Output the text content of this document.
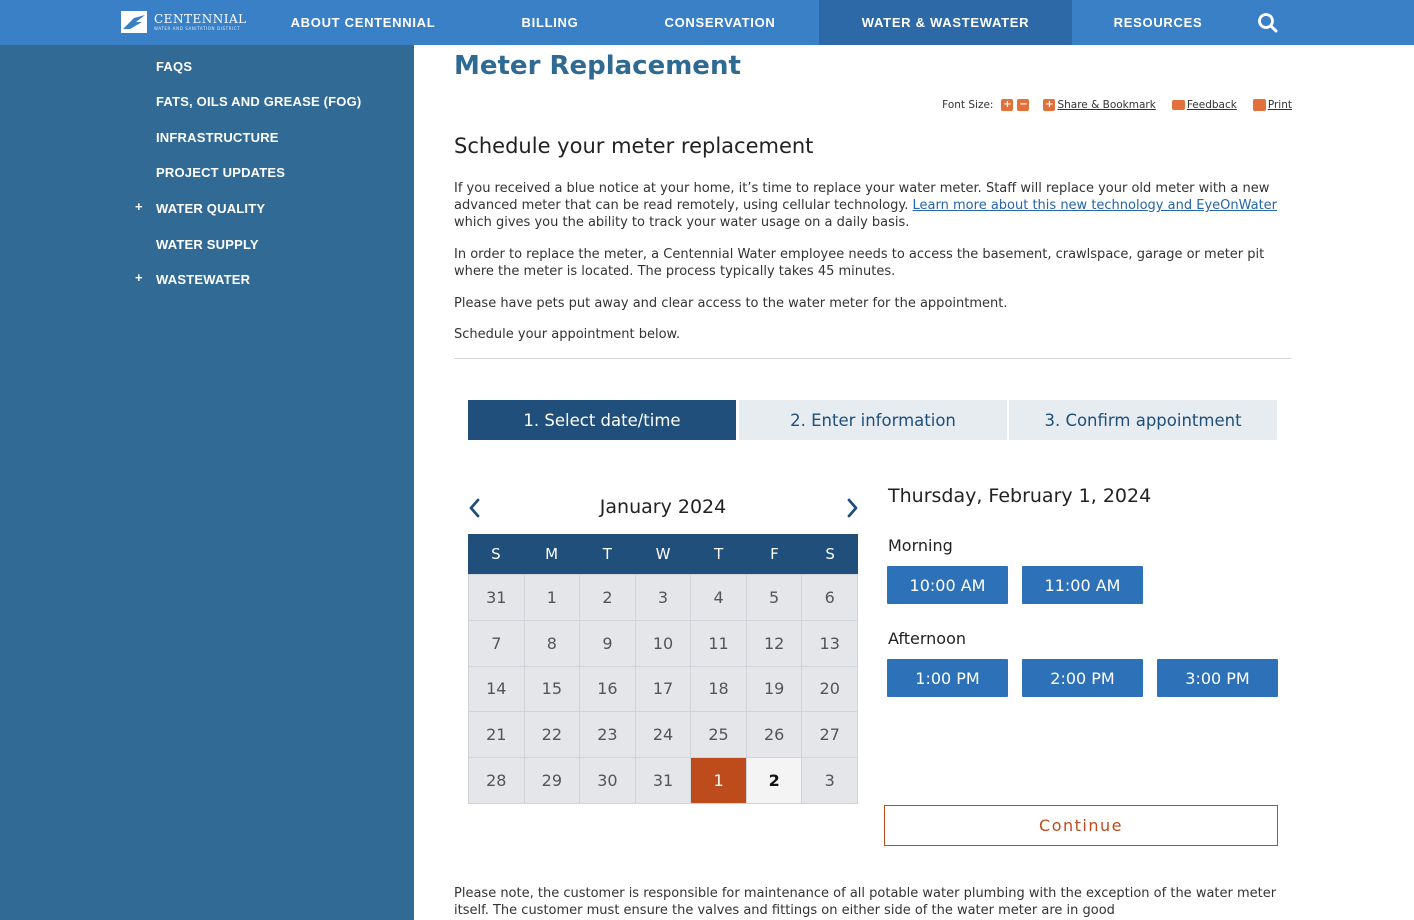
CENTENNIAL
WATER AND SANITATION DISTRICT	ABOUT CENTENNIAL	BILLING	CONSERVATION	WATER & WASTEWATER	RESOURCES
FAQS
FATS, OILS AND GREASE (FOG)
INFRASTRUCTURE
PROJECT UPDATES
+ WATER QUALITY
WATER SUPPLY
+ WASTEWATER
Meter Replacement
Font Size: + − + Share & Bookmark	Feedback	Print
Schedule your meter replacement

If you received a blue notice at your home, it’s time to replace your water meter. Staff will replace your old meter with a new advanced meter that can be read remotely, using cellular technology. Learn more about this new technology and EyeOnWater which gives you the ability to track your water usage on a daily basis.

In order to replace the meter, a Centennial Water employee needs to access the basement, crawlspace, garage or meter pit where the meter is located. The process typically takes 45 minutes.

Please have pets put away and clear access to the water meter for the appointment.

Schedule your appointment below.

1. Select date/time	2. Enter information	3. Confirm appointment
January 2024
S	M	T	W	T	F	S
31	1	2	3	4	5	6
7	8	9	10	11	12	13
14	15	16	17	18	19	20
21	22	23	24	25	26	27
28	29	30	31	1	2	3
Thursday, February 1, 2024
Morning
10:00 AM	11:00 AM
Afternoon
1:00 PM	2:00 PM	3:00 PM
Continue

Please note, the customer is responsible for maintenance of all potable water plumbing with the exception of the water meter itself. The customer must ensure the valves and fittings on either side of the water meter are in good
